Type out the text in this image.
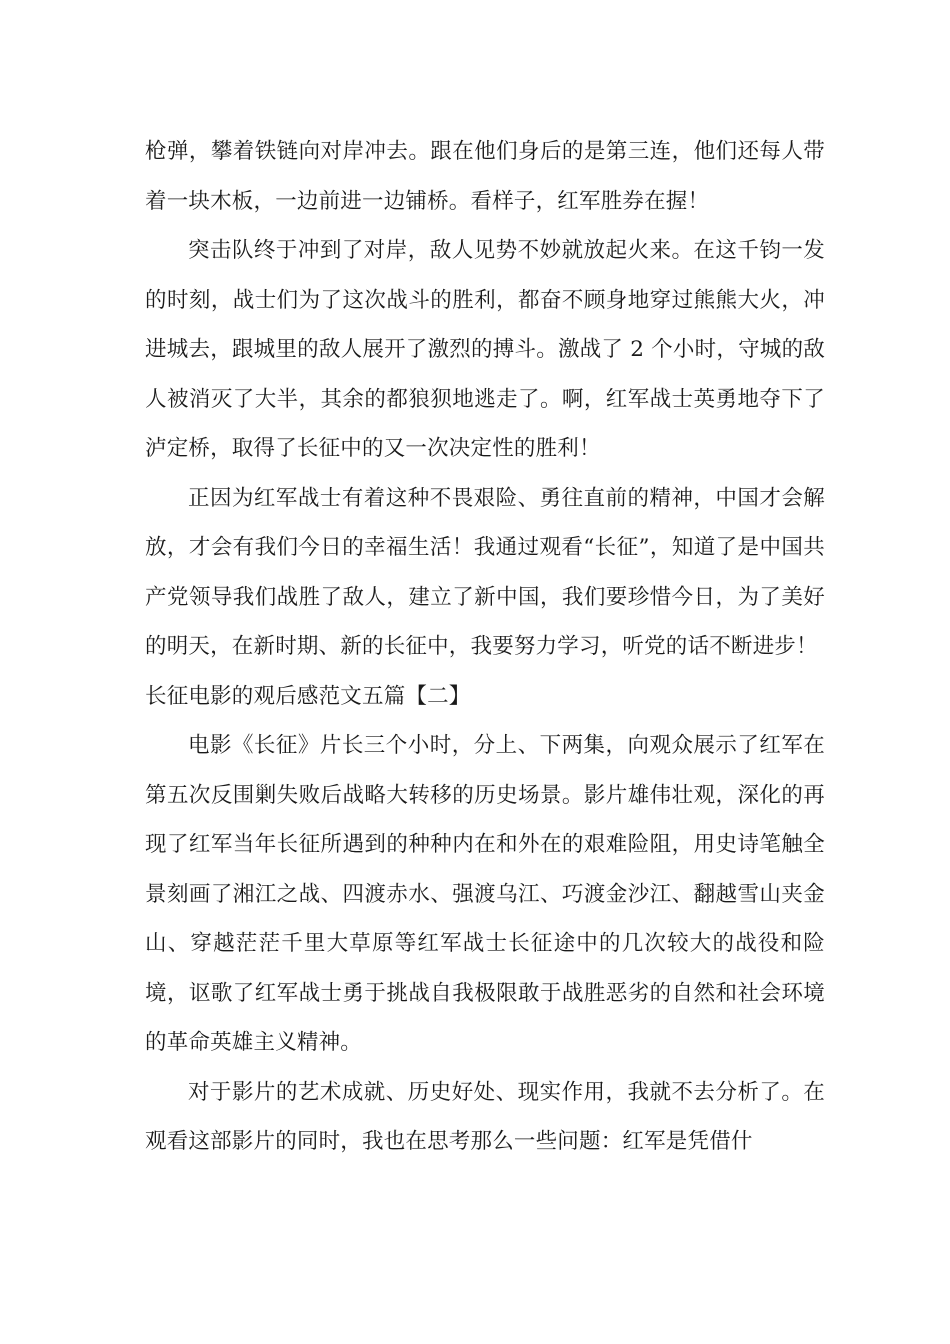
枪弹，攀着铁链向对岸冲去。跟在他们身后的是第三连，他们还每人带着一块木板，一边前进一边铺桥。看样子，红军胜券在握！

突击队终于冲到了对岸，敌人见势不妙就放起火来。在这千钧一发的时刻，战士们为了这次战斗的胜利，都奋不顾身地穿过熊熊大火，冲进城去，跟城里的敌人展开了激烈的搏斗。激战了 2 个小时，守城的敌人被消灭了大半，其余的都狼狈地逃走了。啊，红军战士英勇地夺下了泸定桥，取得了长征中的又一次决定性的胜利！

正因为红军战士有着这种不畏艰险、勇往直前的精神，中国才会解放，才会有我们今日的幸福生活！我通过观看“长征”，知道了是中国共产党领导我们战胜了敌人，建立了新中国，我们要珍惜今日，为了美好的明天，在新时期、新的长征中，我要努力学习，听党的话不断进步！

长征电影的观后感范文五篇【二】

电影《长征》片长三个小时，分上、下两集，向观众展示了红军在第五次反围剿失败后战略大转移的历史场景。影片雄伟壮观，深化的再现了红军当年长征所遇到的种种内在和外在的艰难险阻，用史诗笔触全景刻画了湘江之战、四渡赤水、强渡乌江、巧渡金沙江、翻越雪山夹金山、穿越茫茫千里大草原等红军战士长征途中的几次较大的战役和险境，讴歌了红军战士勇于挑战自我极限敢于战胜恶劣的自然和社会环境的革命英雄主义精神。

对于影片的艺术成就、历史好处、现实作用，我就不去分析了。在观看这部影片的同时，我也在思考那么一些问题：红军是凭借什
